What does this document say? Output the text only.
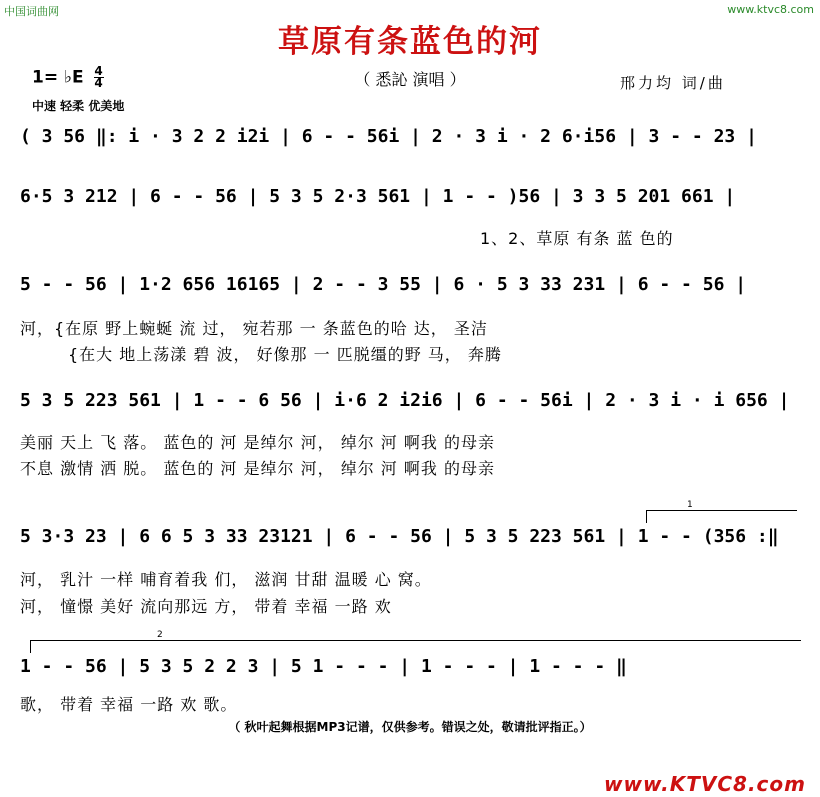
中国词曲网	www.ktvc8.com
草原有条蓝色的河
（ 悉訫 演唱 ）
1= ♭E $\frac{4}{4}$	邢力均 词/曲
中速 轻柔 优美地
( 3 56 ‖: i · 3 2 2 i2i | 6 - - 56i | 2 · 3 i · 2 6·i56 | 3 - - 23 |
6·5 3 212 | 6 - - 56 | 5 3 5 2·3 561 | 1 - - )56 | 3 3 5 201 661 |
1、2、草原 有条 蓝 色的
5 - - 56 | 1·2 656 16165 | 2 - - 3 55 | 6 · 5 3 33 231 | 6 - - 56 |
河，{在原 野上蜿蜒 流 过， 宛若那 一 条蓝色的哈 达， 圣洁
{在大 地上荡漾 碧 波， 好像那 一 匹脱缰的野 马， 奔腾
5 3 5 223 561 | 1 - - 6 56 | i·6 2 i2i6 | 6 - - 56i | 2 · 3 i · i 656 |
美丽 天上 飞 落。 蓝色的 河 是绰尔 河， 绰尔 河 啊我 的母亲
不息 激情 洒 脱。 蓝色的 河 是绰尔 河， 绰尔 河 啊我 的母亲
1
5 3·3 23 | 6 6 5 3 33 23121 | 6 - - 56 | 5 3 5 223 561 | 1 - - (356 :‖
河， 乳汁 一样 哺育着我 们， 滋润 甘甜 温暖 心 窝。
河， 憧憬 美好 流向那远 方， 带着 幸福 一路 欢
2
1 - - 56 | 5 3 5 2 2 3 | 5 1 - - - | 1 - - - | 1 - - - ‖
歌， 带着 幸福 一路 欢 歌。
（ 秋叶起舞根据MP3记谱，仅供参考。错误之处，敬请批评指正。）
www.KTVC8.com
